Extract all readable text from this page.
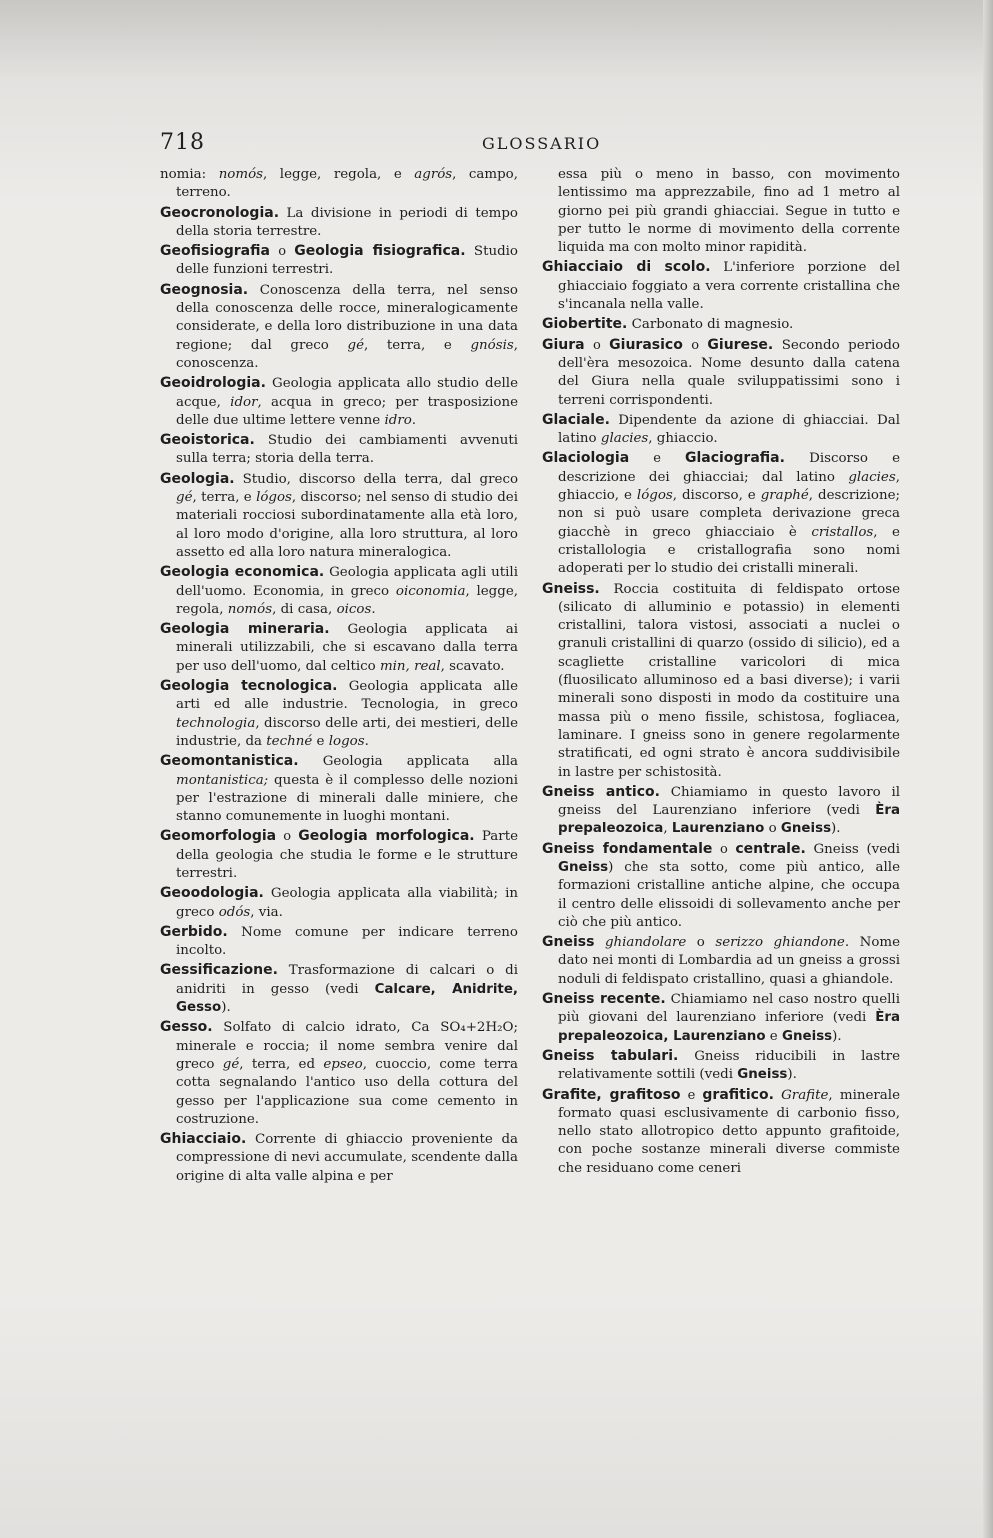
718	GLOSSARIO

nomia: nomós, legge, regola, e agrós, campo, terreno.

Geocronologia. La divisione in periodi di tempo della storia terrestre.

Geofisiografia o Geologia fisiografica. Studio delle funzioni terrestri.

Geognosia. Conoscenza della terra, nel senso della conoscenza delle rocce, mineralogicamente considerate, e della loro distribuzione in una data regione; dal greco gé, terra, e gnósis, conoscenza.

Geoidrologia. Geologia applicata allo studio delle acque, idor, acqua in greco; per trasposizione delle due ultime lettere venne idro.

Geoistorica. Studio dei cambiamenti avvenuti sulla terra; storia della terra.

Geologia. Studio, discorso della terra, dal greco gé, terra, e lógos, discorso; nel senso di studio dei materiali rocciosi subordinatamente alla età loro, al loro modo d'origine, alla loro struttura, al loro assetto ed alla loro natura mineralogica.

Geologia economica. Geologia applicata agli utili dell'uomo. Economia, in greco oiconomia, legge, regola, nomós, di casa, oicos.

Geologia mineraria. Geologia applicata ai minerali utilizzabili, che si escavano dalla terra per uso dell'uomo, dal celtico min, real, scavato.

Geologia tecnologica. Geologia applicata alle arti ed alle industrie. Tecnologia, in greco technologia, discorso delle arti, dei mestieri, delle industrie, da techné e logos.

Geomontanistica. Geologia applicata alla montanistica; questa è il complesso delle nozioni per l'estrazione di minerali dalle miniere, che stanno comunemente in luoghi montani.

Geomorfologia o Geologia morfologica. Parte della geologia che studia le forme e le strutture terrestri.

Geoodologia. Geologia applicata alla viabilità; in greco odós, via.

Gerbido. Nome comune per indicare terreno incolto.

Gessificazione. Trasformazione di calcari o di anidriti in gesso (vedi Calcare, Anidrite, Gesso).

Gesso. Solfato di calcio idrato, Ca SO₄+2H₂O; minerale e roccia; il nome sembra venire dal greco gé, terra, ed epseo, cuoccio, come terra cotta segnalando l'antico uso della cottura del gesso per l'applicazione sua come cemento in costruzione.

Ghiacciaio. Corrente di ghiaccio proveniente da compressione di nevi accumulate, scendente dalla origine di alta valle alpina e per

essa più o meno in basso, con movimento lentissimo ma apprezzabile, fino ad 1 metro al giorno pei più grandi ghiacciai. Segue in tutto e per tutto le norme di movimento della corrente liquida ma con molto minor rapidità.

Ghiacciaio di scolo. L'inferiore porzione del ghiacciaio foggiato a vera corrente cristallina che s'incanala nella valle.

Giobertite. Carbonato di magnesio.

Giura o Giurasico o Giurese. Secondo periodo dell'èra mesozoica. Nome desunto dalla catena del Giura nella quale sviluppatissimi sono i terreni corrispondenti.

Glaciale. Dipendente da azione di ghiacciai. Dal latino glacies, ghiaccio.

Glaciologia e Glaciografia. Discorso e descrizione dei ghiacciai; dal latino glacies, ghiaccio, e lógos, discorso, e graphé, descrizione; non si può usare completa derivazione greca giacchè in greco ghiacciaio è cristallos, e cristallologia e cristallografia sono nomi adoperati per lo studio dei cristalli minerali.

Gneiss. Roccia costituita di feldispato ortose (silicato di alluminio e potassio) in elementi cristallini, talora vistosi, associati a nuclei o granuli cristallini di quarzo (ossido di silicio), ed a scagliette cristalline varicolori di mica (fluosilicato alluminoso ed a basi diverse); i varii minerali sono disposti in modo da costituire una massa più o meno fissile, schistosa, fogliacea, laminare. I gneiss sono in genere regolarmente stratificati, ed ogni strato è ancora suddivisibile in lastre per schistosità.

Gneiss antico. Chiamiamo in questo lavoro il gneiss del Laurenziano inferiore (vedi Èra prepaleozoica, Laurenziano o Gneiss).

Gneiss fondamentale o centrale. Gneiss (vedi Gneiss) che sta sotto, come più antico, alle formazioni cristalline antiche alpine, che occupa il centro delle elissoidi di sollevamento anche per ciò che più antico.

Gneiss ghiandolare o serizzo ghiandone. Nome dato nei monti di Lombardia ad un gneiss a grossi noduli di feldispato cristallino, quasi a ghiandole.

Gneiss recente. Chiamiamo nel caso nostro quelli più giovani del laurenziano inferiore (vedi Èra prepaleozoica, Laurenziano e Gneiss).

Gneiss tabulari. Gneiss riducibili in lastre relativamente sottili (vedi Gneiss).

Grafite, grafitoso e grafitico. Grafite, minerale formato quasi esclusivamente di carbonio fisso, nello stato allotropico detto appunto grafitoide, con poche sostanze minerali diverse commiste che residuano come ceneri
